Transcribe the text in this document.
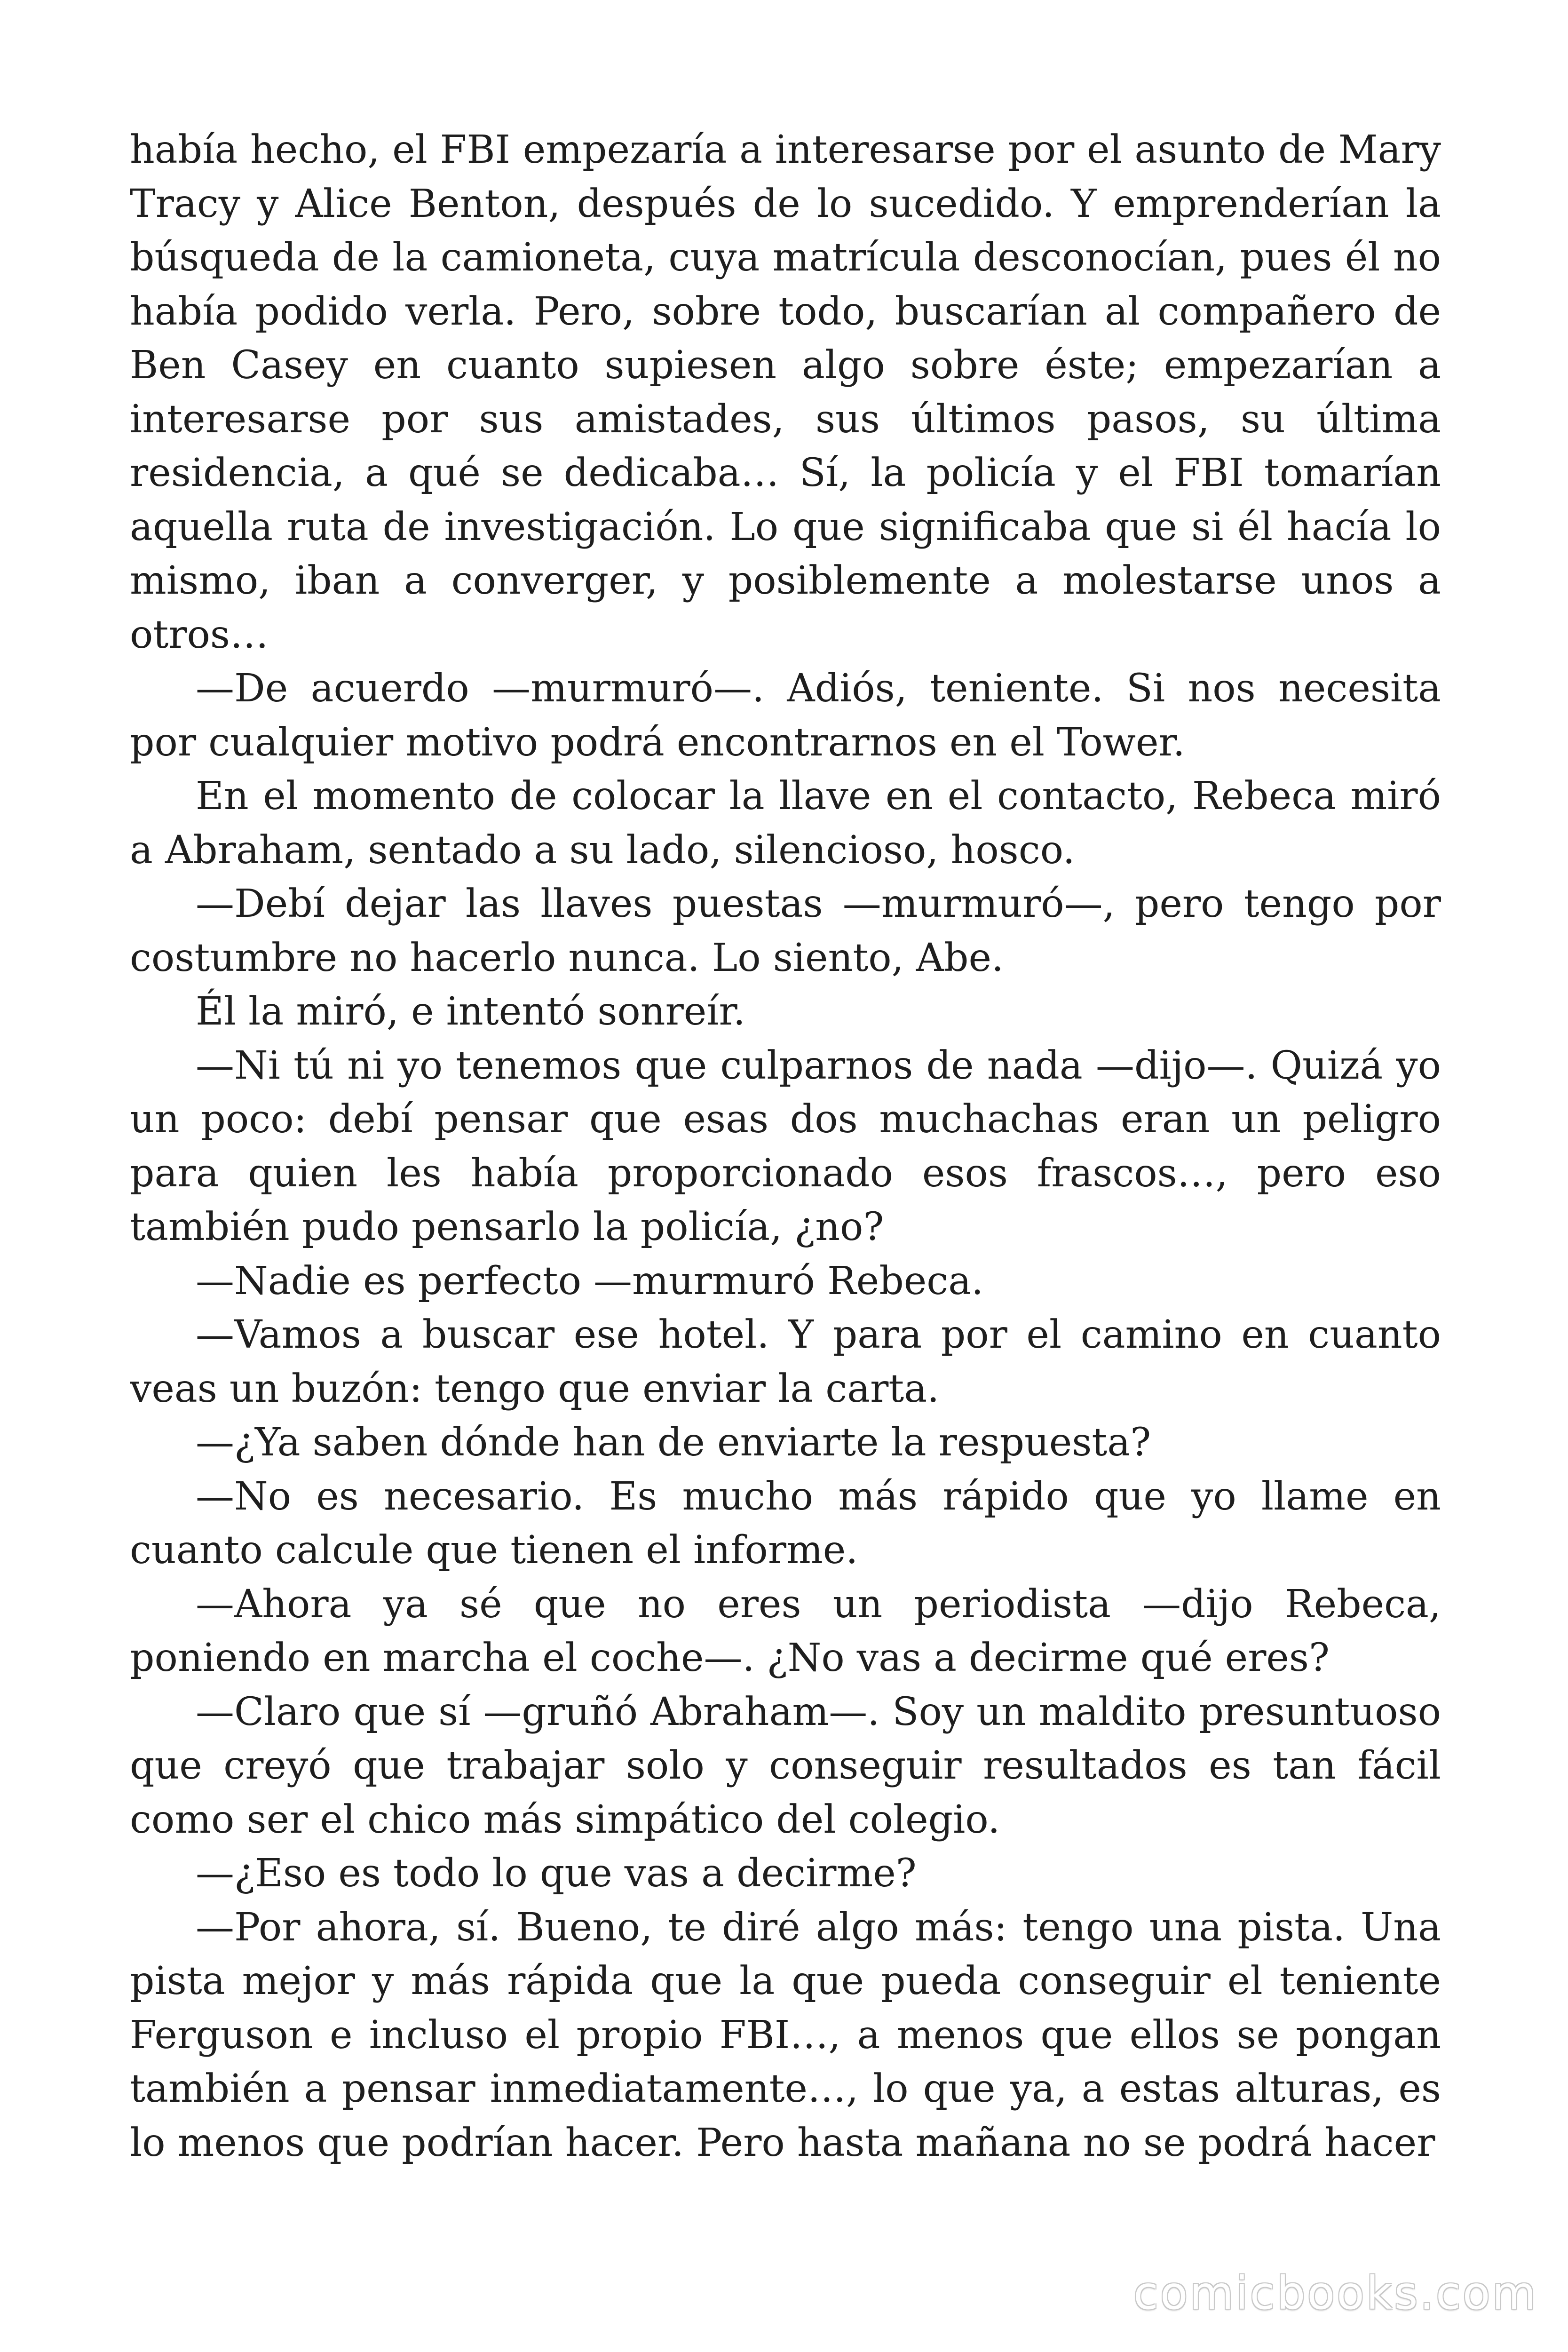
había hecho, el FBI empezaría a interesarse por el asunto de Mary Tracy y Alice Benton, después de lo sucedido. Y emprenderían la búsqueda de la camioneta, cuya matrícula desconocían, pues él no había podido verla. Pero, sobre todo, buscarían al compañero de Ben Casey en cuanto supiesen algo sobre éste; empezarían a interesarse por sus amistades, sus últimos pasos, su última residencia, a qué se dedicaba… Sí, la policía y el FBI tomarían aquella ruta de investigación. Lo que significaba que si él hacía lo mismo, iban a converger, y posiblemente a molestarse unos a otros…

—De acuerdo —murmuró—. Adiós, teniente. Si nos necesita por cualquier motivo podrá encontrarnos en el Tower.

En el momento de colocar la llave en el contacto, Rebeca miró a Abraham, sentado a su lado, silencioso, hosco.

—Debí dejar las llaves puestas —murmuró—, pero tengo por costumbre no hacerlo nunca. Lo siento, Abe.

Él la miró, e intentó sonreír.

—Ni tú ni yo tenemos que culparnos de nada —dijo—. Quizá yo un poco: debí pensar que esas dos muchachas eran un peligro para quien les había proporcionado esos frascos…, pero eso también pudo pensarlo la policía, ¿no?

—Nadie es perfecto —murmuró Rebeca.

—Vamos a buscar ese hotel. Y para por el camino en cuanto veas un buzón: tengo que enviar la carta.

—¿Ya saben dónde han de enviarte la respuesta?

—No es necesario. Es mucho más rápido que yo llame en cuanto calcule que tienen el informe.

—Ahora ya sé que no eres un periodista —dijo Rebeca, poniendo en marcha el coche—. ¿No vas a decirme qué eres?

—Claro que sí —gruñó Abraham—. Soy un maldito presuntuoso que creyó que trabajar solo y conseguir resultados es tan fácil como ser el chico más simpático del colegio.

—¿Eso es todo lo que vas a decirme?

—Por ahora, sí. Bueno, te diré algo más: tengo una pista. Una pista mejor y más rápida que la que pueda conseguir el teniente Ferguson e incluso el propio FBI…, a menos que ellos se pongan también a pensar inmediatamente…, lo que ya, a estas alturas, es lo menos que podrían hacer. Pero hasta mañana no se podrá hacer

comicbooks.com
